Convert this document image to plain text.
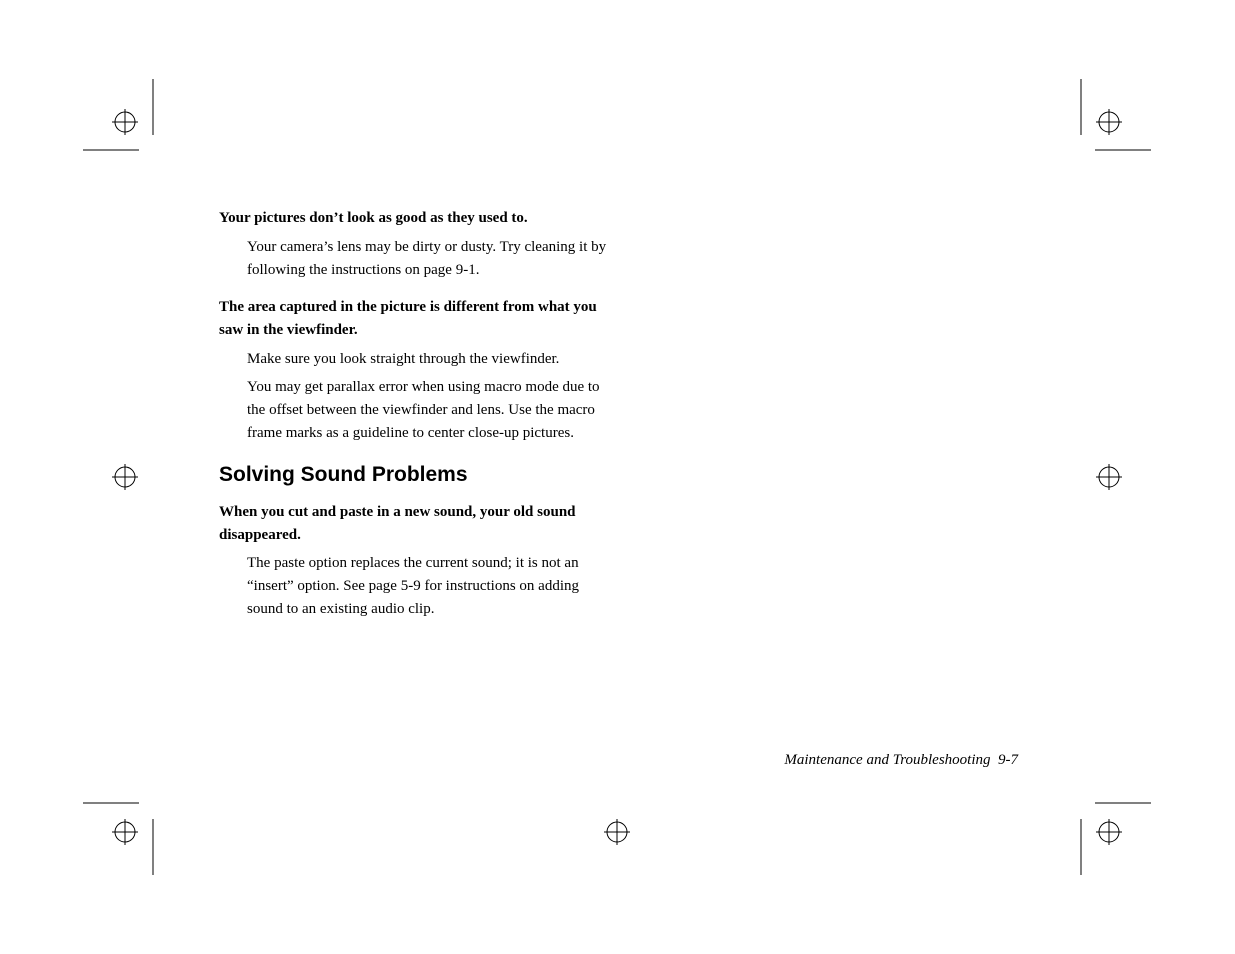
Your pictures don’t look as good as they used to.

Your camera’s lens may be dirty or dusty. Try cleaning it by following the instructions on page 9-1.

The area captured in the picture is different from what you saw in the viewfinder.

Make sure you look straight through the viewfinder.

You may get parallax error when using macro mode due to the offset between the viewfinder and lens. Use the macro frame marks as a guideline to center close-up pictures.

Solving Sound Problems

When you cut and paste in a new sound, your old sound disappeared.

The paste option replaces the current sound; it is not an “insert” option. See page 5-9 for instructions on adding sound to an existing audio clip.

Maintenance and Troubleshooting 9-7
